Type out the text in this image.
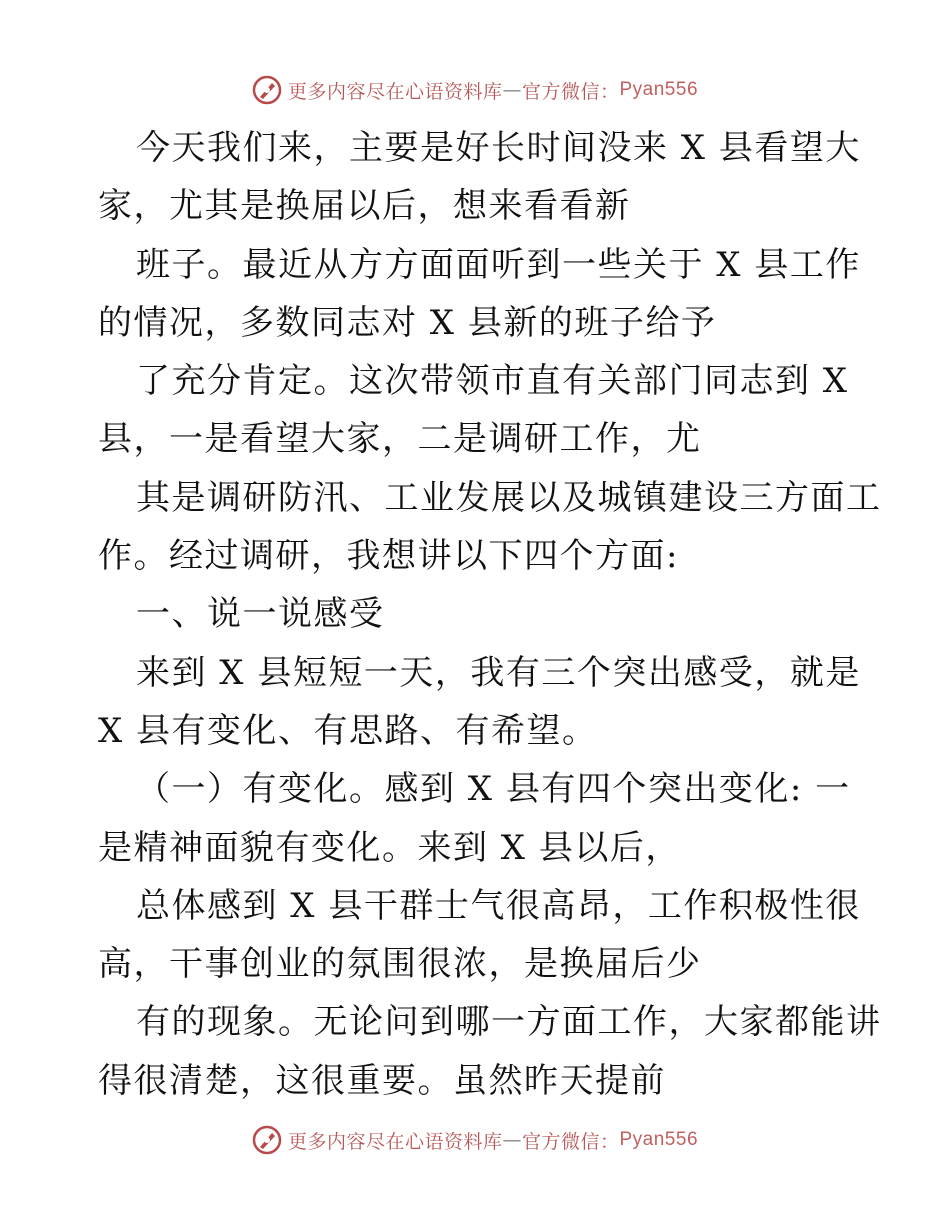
更多内容尽在心语资料库 — 官方微信： Pyan556
今天我们来，主要是好长时间没来 X 县看望大
家，尤其是换届以后，想来看看新
班子。最近从方方面面听到一些关于 X 县工作
的情况，多数同志对 X 县新的班子给予
了充分肯定。这次带领市直有关部门同志到 X
县，一是看望大家，二是调研工作，尤
其是调研防汛、工业发展以及城镇建设三方面工
作。经过调研，我想讲以下四个方面:
一、说一说感受
来到 X 县短短一天，我有三个突出感受，就是
X 县有变化、有思路、有希望。
（一）有变化。感到 X 县有四个突出变化: 一
是精神面貌有变化。来到 X 县以后，
总体感到 X 县干群士气很高昂，工作积极性很
高，干事创业的氛围很浓，是换届后少
有的现象。无论问到哪一方面工作，大家都能讲
得很清楚，这很重要。虽然昨天提前
更多内容尽在心语资料库 — 官方微信： Pyan556
